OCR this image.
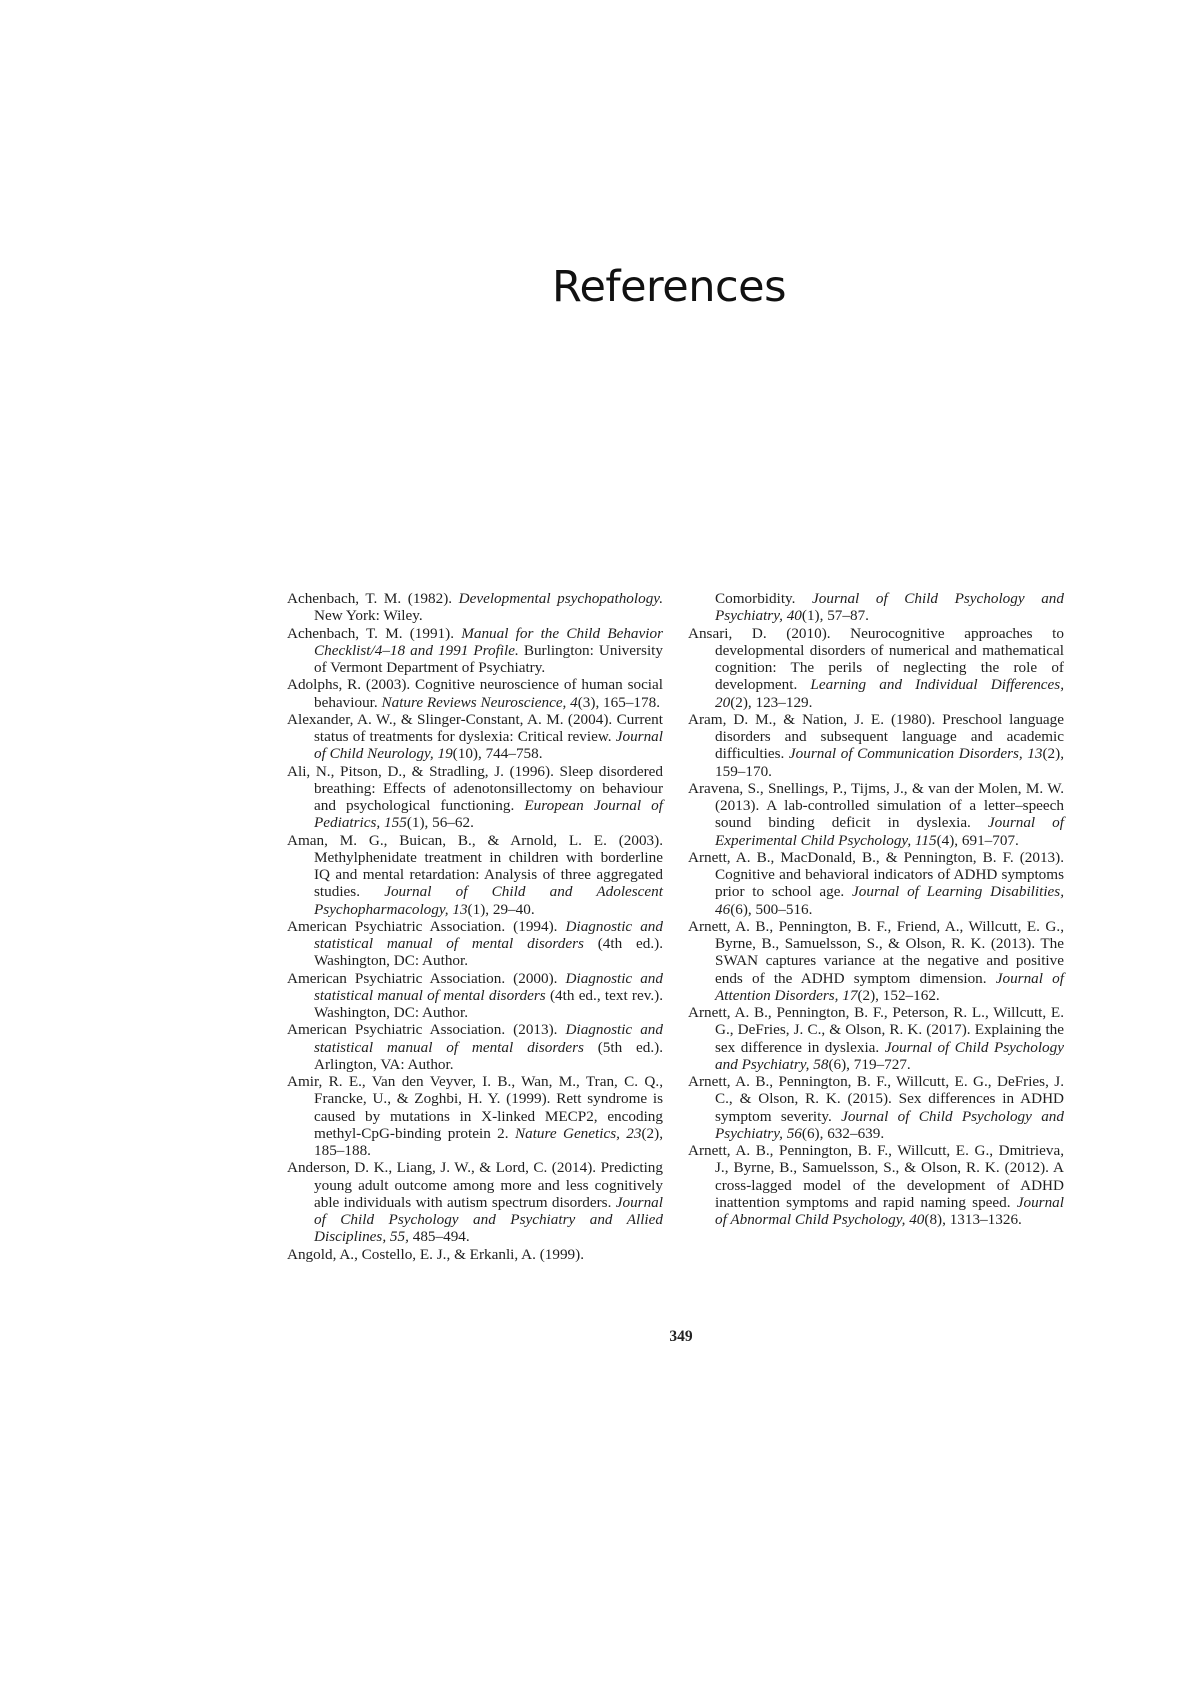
References

Achenbach, T. M. (1982). Developmental psychopathology. New York: Wiley.

Achenbach, T. M. (1991). Manual for the Child Behavior Checklist/4–18 and 1991 Profile. Burlington: University of Vermont Department of Psychiatry.

Adolphs, R. (2003). Cognitive neuroscience of human social behaviour. Nature Reviews Neuroscience, 4(3), 165–178.

Alexander, A. W., & Slinger-Constant, A. M. (2004). Current status of treatments for dyslexia: Critical review. Journal of Child Neurology, 19(10), 744–758.

Ali, N., Pitson, D., & Stradling, J. (1996). Sleep disordered breathing: Effects of adenotonsillectomy on behaviour and psychological functioning. European Journal of Pediatrics, 155(1), 56–62.

Aman, M. G., Buican, B., & Arnold, L. E. (2003). Methylphenidate treatment in children with borderline IQ and mental retardation: Analysis of three aggregated studies. Journal of Child and Adolescent Psychopharmacology, 13(1), 29–40.

American Psychiatric Association. (1994). Diagnostic and statistical manual of mental disorders (4th ed.). Washington, DC: Author.

American Psychiatric Association. (2000). Diagnostic and statistical manual of mental disorders (4th ed., text rev.). Washington, DC: Author.

American Psychiatric Association. (2013). Diagnostic and statistical manual of mental disorders (5th ed.). Arlington, VA: Author.

Amir, R. E., Van den Veyver, I. B., Wan, M., Tran, C. Q., Francke, U., & Zoghbi, H. Y. (1999). Rett syndrome is caused by mutations in X-linked MECP2, encoding methyl-CpG-binding protein 2. Nature Genetics, 23(2), 185–188.

Anderson, D. K., Liang, J. W., & Lord, C. (2014). Predicting young adult outcome among more and less cognitively able individuals with autism spectrum disorders. Journal of Child Psychology and Psychiatry and Allied Disciplines, 55, 485–494.

Angold, A., Costello, E. J., & Erkanli, A. (1999).

Comorbidity. Journal of Child Psychology and Psychiatry, 40(1), 57–87.

Ansari, D. (2010). Neurocognitive approaches to developmental disorders of numerical and mathematical cognition: The perils of neglecting the role of development. Learning and Individual Differences, 20(2), 123–129.

Aram, D. M., & Nation, J. E. (1980). Preschool language disorders and subsequent language and academic difficulties. Journal of Communication Disorders, 13(2), 159–170.

Aravena, S., Snellings, P., Tijms, J., & van der Molen, M. W. (2013). A lab-controlled simulation of a letter–speech sound binding deficit in dyslexia. Journal of Experimental Child Psychology, 115(4), 691–707.

Arnett, A. B., MacDonald, B., & Pennington, B. F. (2013). Cognitive and behavioral indicators of ADHD symptoms prior to school age. Journal of Learning Disabilities, 46(6), 500–516.

Arnett, A. B., Pennington, B. F., Friend, A., Willcutt, E. G., Byrne, B., Samuelsson, S., & Olson, R. K. (2013). The SWAN captures variance at the negative and positive ends of the ADHD symptom dimension. Journal of Attention Disorders, 17(2), 152–162.

Arnett, A. B., Pennington, B. F., Peterson, R. L., Willcutt, E. G., DeFries, J. C., & Olson, R. K. (2017). Explaining the sex difference in dyslexia. Journal of Child Psychology and Psychiatry, 58(6), 719–727.

Arnett, A. B., Pennington, B. F., Willcutt, E. G., DeFries, J. C., & Olson, R. K. (2015). Sex differences in ADHD symptom severity. Journal of Child Psychology and Psychiatry, 56(6), 632–639.

Arnett, A. B., Pennington, B. F., Willcutt, E. G., Dmitrieva, J., Byrne, B., Samuelsson, S., & Olson, R. K. (2012). A cross-lagged model of the development of ADHD inattention symptoms and rapid naming speed. Journal of Abnormal Child Psychology, 40(8), 1313–1326.

349
